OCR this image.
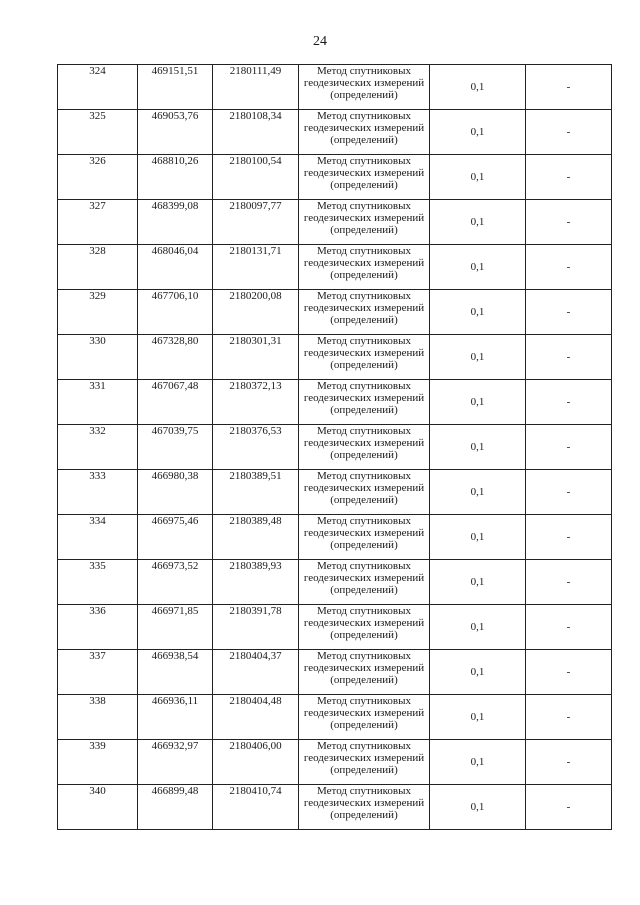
24
324	469151,51	2180111,49	Метод спутниковых
геодезических измерений
(определений)	0,1	-
325	469053,76	2180108,34	Метод спутниковых
геодезических измерений
(определений)	0,1	-
326	468810,26	2180100,54	Метод спутниковых
геодезических измерений
(определений)	0,1	-
327	468399,08	2180097,77	Метод спутниковых
геодезических измерений
(определений)	0,1	-
328	468046,04	2180131,71	Метод спутниковых
геодезических измерений
(определений)	0,1	-
329	467706,10	2180200,08	Метод спутниковых
геодезических измерений
(определений)	0,1	-
330	467328,80	2180301,31	Метод спутниковых
геодезических измерений
(определений)	0,1	-
331	467067,48	2180372,13	Метод спутниковых
геодезических измерений
(определений)	0,1	-
332	467039,75	2180376,53	Метод спутниковых
геодезических измерений
(определений)	0,1	-
333	466980,38	2180389,51	Метод спутниковых
геодезических измерений
(определений)	0,1	-
334	466975,46	2180389,48	Метод спутниковых
геодезических измерений
(определений)	0,1	-
335	466973,52	2180389,93	Метод спутниковых
геодезических измерений
(определений)	0,1	-
336	466971,85	2180391,78	Метод спутниковых
геодезических измерений
(определений)	0,1	-
337	466938,54	2180404,37	Метод спутниковых
геодезических измерений
(определений)	0,1	-
338	466936,11	2180404,48	Метод спутниковых
геодезических измерений
(определений)	0,1	-
339	466932,97	2180406,00	Метод спутниковых
геодезических измерений
(определений)	0,1	-
340	466899,48	2180410,74	Метод спутниковых
геодезических измерений
(определений)	0,1	-
